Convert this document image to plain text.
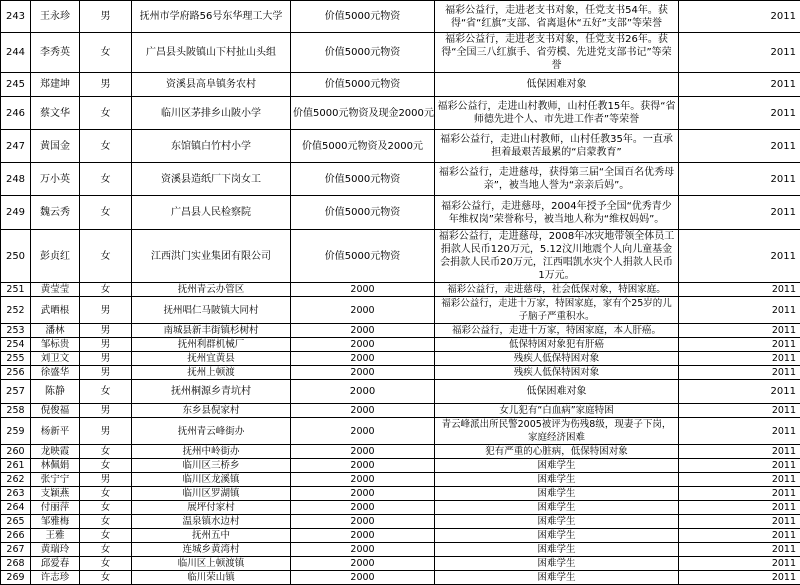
243	王永珍	男	抚州市学府路56号东华理工大学	价值5000元物资	福彩公益行，走进老支书对象，任党支书54年。获得“省“红旗”支部、省离退休“五好”支部”等荣誉	2011
244	李秀英	女	广昌县头陂镇山下村扯山头组	价值5000元物资	福彩公益行，走进老支书对象，任党支书26年。获得“全国三八红旗手、省劳模、先进党支部书记”等荣誉	2011
245	郑建坤	男	资溪县高阜镇务农村	价值5000元物资	低保困难对象	2011
246	蔡文华	女	临川区茅排乡山陂小学	价值5000元物资及现金2000元	福彩公益行，走进山村教师，山村任教15年。获得“省师德先进个人、市先进工作者”等荣誉	2011
247	黄国金	女	东馆镇白竹村小学	价值5000元物资及2000元	福彩公益行，走进山村教师，山村任教35年。一直承担着最艰苦最累的“启蒙教育”	2011
248	万小英	女	资溪县造纸厂下岗女工	价值5000元物资	福彩公益行，走进慈母，获得第三届“全国百名优秀母亲”，被当地人誉为“亲亲后妈”。	2011
249	魏云秀	女	广昌县人民检察院	价值5000元物资	福彩公益行，走进慈母，2004年授予全国“优秀青少年维权岗”荣誉称号，被当地人称为“维权妈妈”。	2011
250	彭贞红	女	江西洪门实业集团有限公司	价值5000元物资	福彩公益行，走进慈母，2008年冰灾地带领全体员工捐款人民币120万元，5.12汶川地震个人向儿童基金会捐款人民币20万元，江西唱凯水灾个人捐款人民币1万元。	2011
251	黄莹莹	女	抚州青云办管区	2000	福彩公益行，走进慈母，社会低保对象，特困家庭。	2011
252	武晒根	男	抚州唱仁马陂镇大同村	2000	福彩公益行，走进十万家，特困家庭，家有个25岁的儿子脑子严重积水。	2011
253	潘林	男	南城县新丰街镇杉树村	2000	福彩公益行，走进十万家，特困家庭，本人肝癌。	2011
254	邹标贵	男	抚州利群机械厂	2000	低保特困对象犯有肝癌	2011
255	刘卫文	男	抚州宜黄县	2000	残疾人低保特困对象	2011
256	徐盛华	男	抚州上顿渡	2000	残疾人低保特困对象	2011
257	陈静	女	抚州桐源乡青坑村	2000	低保困难对象	2011
258	倪俊福	男	东乡县倪家村	2000	女儿犯有“白血病”家庭特困	2011
259	杨新平	男	抚州青云峰街办	2000	青云峰派出所民警2005被评为伤残8级，现妻子下岗，家庭经济困难	2011
260	龙映霞	女	抚州中岭街办	2000	犯有严重的心脏病，低保特困对象	2011
261	林佩娟	女	临川区三桥乡	2000	困难学生	2011
262	张宁宁	男	临川区龙溪镇	2000	困难学生	2011
263	支颖燕	女	临川区罗湖镇	2000	困难学生	2011
264	付丽萍	女	展坪付家村	2000	困难学生	2011
265	邹雅梅	女	温泉镇水边村	2000	困难学生	2011
266	王雅	女	抚州五中	2000	困难学生	2011
267	黄瑞玲	女	连城乡黄湾村	2000	困难学生	2011
268	邱爱春	女	临川区上顿渡镇	2000	困难学生	2011
269	许志珍	女	临川荣山镇	2000	困难学生	2011
